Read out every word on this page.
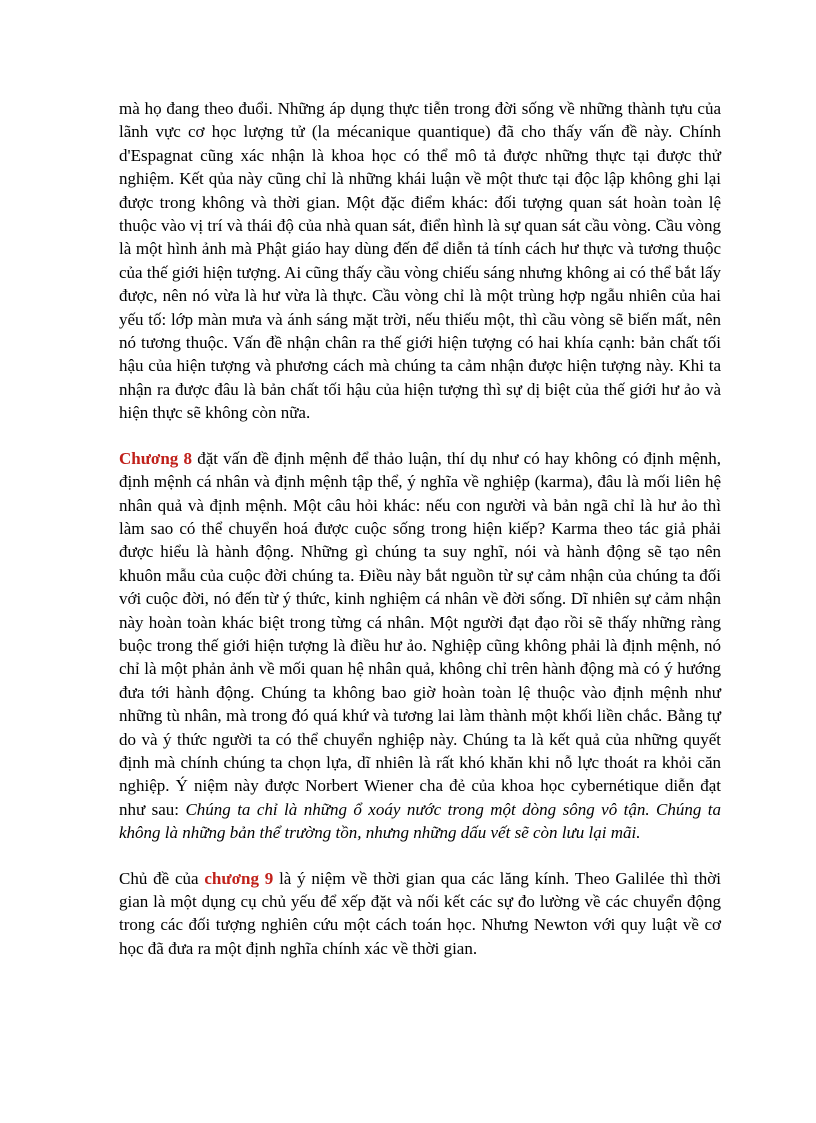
mà họ đang theo đuổi. Những áp dụng thực tiễn trong đời sống về những thành tựu của lãnh vực cơ học lượng tử (la mécanique quantique) đã cho thấy vấn đề này. Chính d'Espagnat cũng xác nhận là khoa học có thể mô tả được những thực tại được thử nghiệm. Kết qủa này cũng chỉ là những khái luận về một thưc tại độc lập không ghi lại được trong không và thời gian. Một đặc điểm khác: đối tượng quan sát hoàn toàn lệ thuộc vào vị trí và thái độ của nhà quan sát, điển hình là sự quan sát cầu vòng. Cầu vòng là một hình ảnh mà Phật giáo hay dùng đến để diễn tả tính cách hư thực và tương thuộc của thế giới hiện tượng. Ai cũng thấy cầu vòng chiếu sáng nhưng không ai có thể bắt lấy được, nên nó vừa là hư vừa là thực. Cầu vòng chỉ là một trùng hợp ngẫu nhiên của hai yếu tố: lớp màn mưa và ánh sáng mặt trời, nếu thiếu một, thì cầu vòng sẽ biến mất, nên nó tương thuộc. Vấn đề nhận chân ra thế giới hiện tượng có hai khía cạnh: bản chất tối hậu của hiện tượng và phương cách mà chúng ta cảm nhận được hiện tượng này. Khi ta nhận ra được đâu là bản chất tối hậu của hiện tượng thì sự dị biệt của thế giới hư ảo và hiện thực sẽ không còn nữa.

Chương 8 đặt vấn đề định mệnh để thảo luận, thí dụ như có hay không có định mệnh, định mệnh cá nhân và định mệnh tập thể, ý nghĩa về nghiệp (karma), đâu là mối liên hệ nhân quả và định mệnh. Một câu hỏi khác: nếu con người và bản ngã chỉ là hư ảo thì làm sao có thể chuyển hoá được cuộc sống trong hiện kiếp? Karma theo tác giả phải được hiểu là hành động. Những gì chúng ta suy nghĩ, nói và hành động sẽ tạo nên khuôn mẫu của cuộc đời chúng ta. Điều này bắt nguồn từ sự cảm nhận của chúng ta đối với cuộc đời, nó đến từ ý thức, kinh nghiệm cá nhân về đời sống. Dĩ nhiên sự cảm nhận này hoàn toàn khác biệt trong từng cá nhân. Một người đạt đạo rồi sẽ thấy những ràng buộc trong thế giới hiện tượng là điều hư ảo. Nghiệp cũng không phải là định mệnh, nó chỉ là một phản ảnh về mối quan hệ nhân quả, không chỉ trên hành động mà có ý hướng đưa tới hành động. Chúng ta không bao giờ hoàn toàn lệ thuộc vào định mệnh như những tù nhân, mà trong đó quá khứ và tương lai làm thành một khối liền chắc. Bằng tự do và ý thức người ta có thể chuyển nghiệp này. Chúng ta là kết quả của những quyết định mà chính chúng ta chọn lựa, dĩ nhiên là rất khó khăn khi nỗ lực thoát ra khỏi căn nghiệp. Ý niệm này được Norbert Wiener cha đẻ của khoa học cybernétique diễn đạt như sau: Chúng ta chỉ là những ổ xoáy nước trong một dòng sông vô tận. Chúng ta không là những bản thể trường tồn, nhưng những dấu vết sẽ còn lưu lại mãi.

Chủ đề của chương 9 là ý niệm về thời gian qua các lăng kính. Theo Galilée thì thời gian là một dụng cụ chủ yếu để xếp đặt và nối kết các sự đo lường về các chuyển động trong các đối tượng nghiên cứu một cách toán học. Nhưng Newton với quy luật về cơ học đã đưa ra một định nghĩa chính xác về thời gian.
